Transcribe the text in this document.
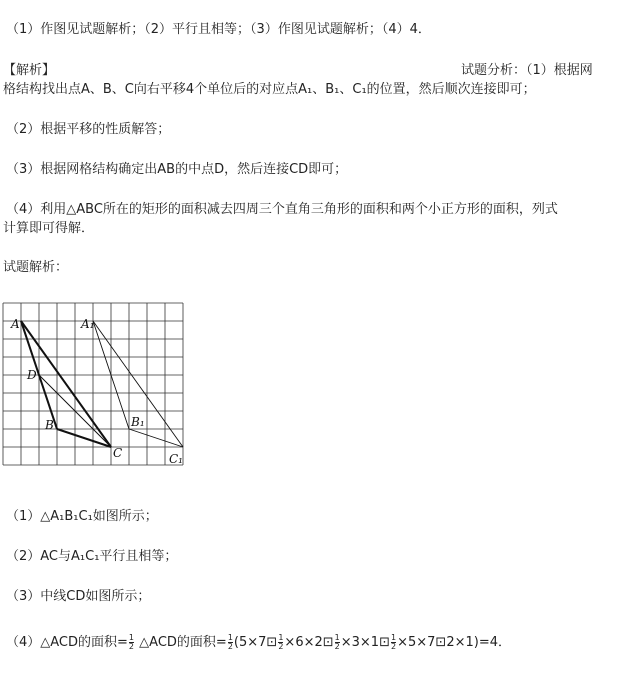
（1）作图见试题解析；（2）平行且相等；（3）作图见试题解析；（4）4．
【解析】	试题分析：（1）根据网
格结构找出点A、B、C向右平移4个单位后的对应点A₁、B₁、C₁的位置，然后顺次连接即可；
（2）根据平移的性质解答；
（3）根据网格结构确定出AB的中点D，然后连接CD即可；
（4）利用△ABC所在的矩形的面积减去四周三个直角三角形的面积和两个小正方形的面积，列式
计算即可得解．
试题解析：
A	A₁
D
B	B₁
C	C₁
（1）△A₁B₁C₁如图所示；
（2）AC与A₁C₁平行且相等；
（3）中线CD如图所示；
（4）△ACD的面积= $\frac{1}{2}$ △ACD的面积= $\frac{1}{2}$ (5×7⊡ $\frac{1}{2}$ ×6×2⊡ $\frac{1}{2}$ ×3×1⊡ $\frac{1}{2}$ ×5×7⊡2×1)=4．
